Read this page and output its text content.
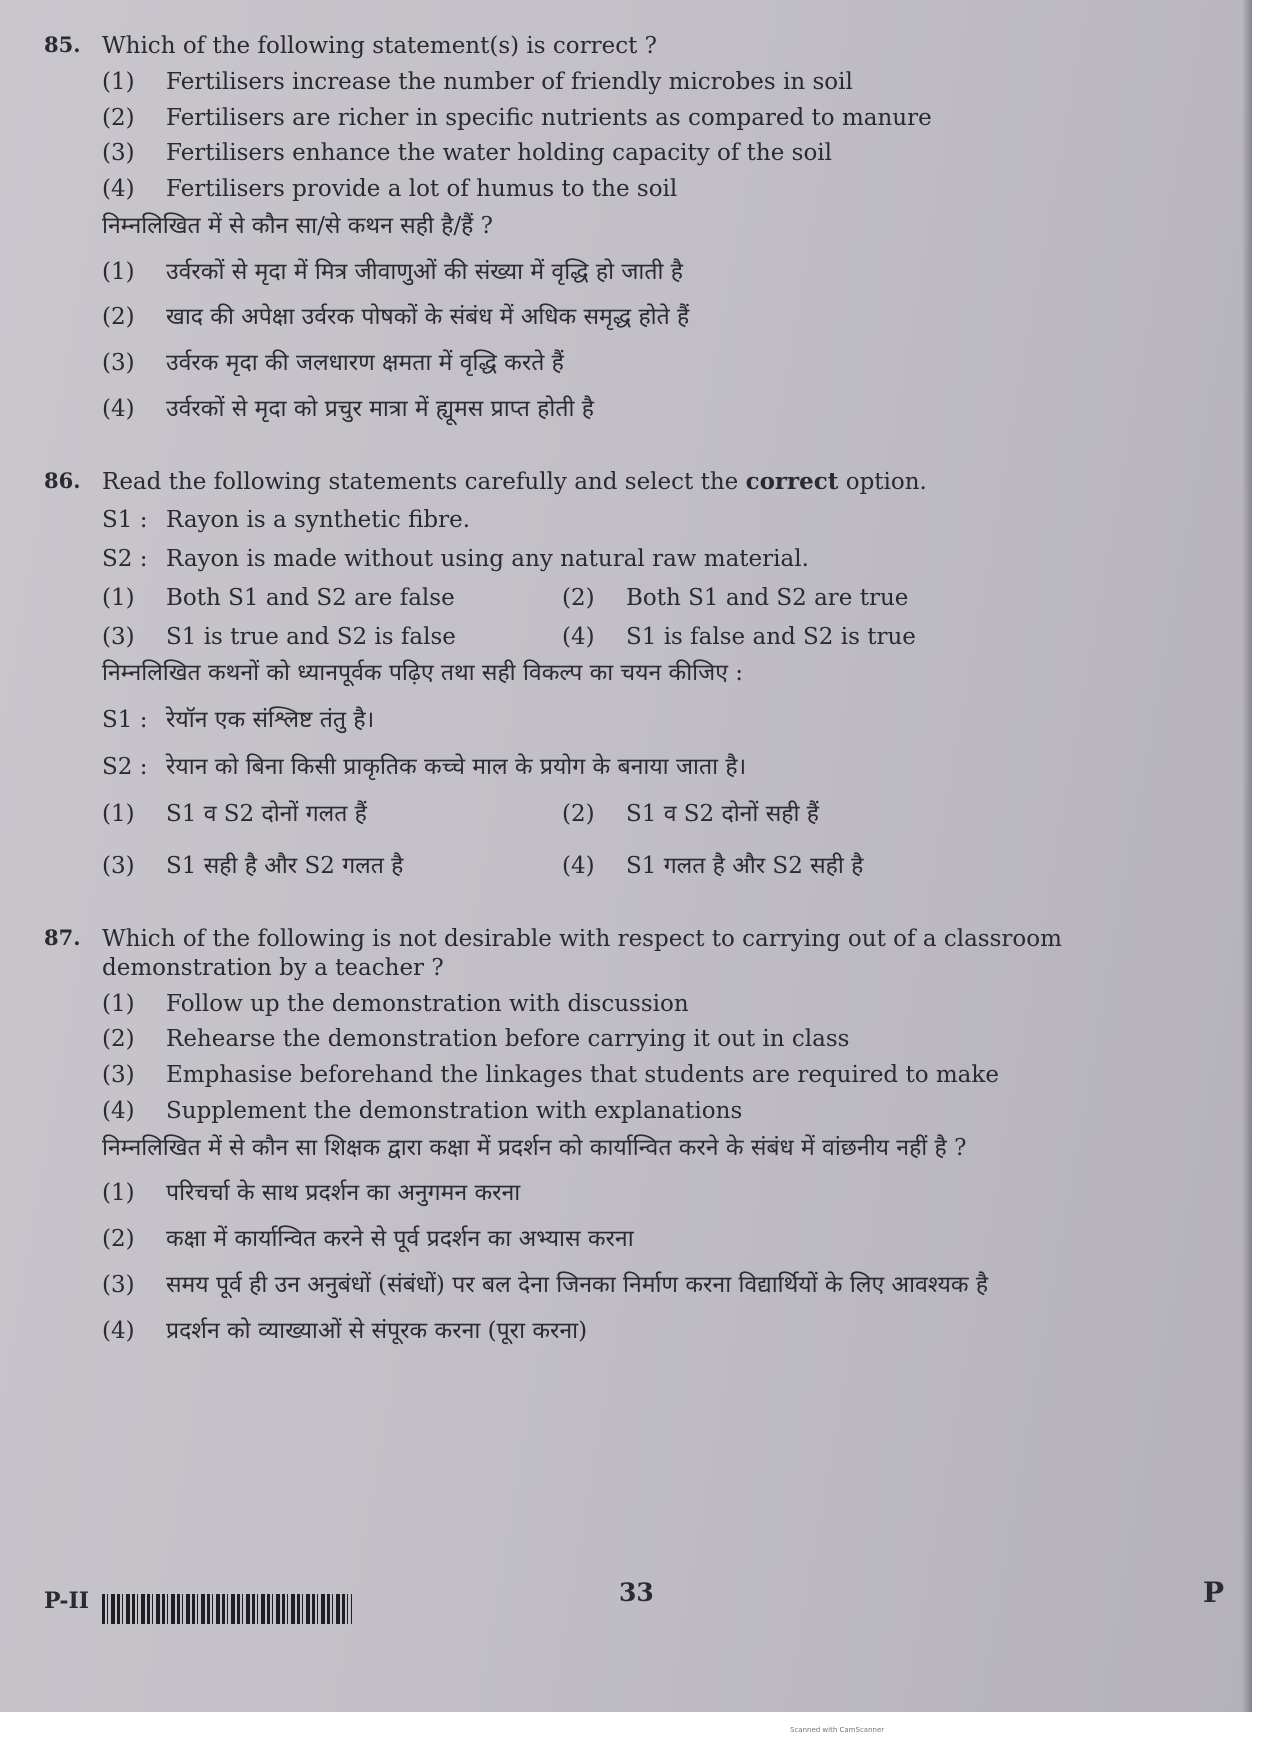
85. Which of the following statement(s) is correct ?
(1)	Fertilisers increase the number of friendly microbes in soil
(2)	Fertilisers are richer in specific nutrients as compared to manure
(3)	Fertilisers enhance the water holding capacity of the soil
(4)	Fertilisers provide a lot of humus to the soil
निम्नलिखित में से कौन सा/से कथन सही है/हैं ?
(1)	उर्वरकों से मृदा में मित्र जीवाणुओं की संख्या में वृद्धि हो जाती है
(2)	खाद की अपेक्षा उर्वरक पोषकों के संबंध में अधिक समृद्ध होते हैं
(3)	उर्वरक मृदा की जलधारण क्षमता में वृद्धि करते हैं
(4)	उर्वरकों से मृदा को प्रचुर मात्रा में ह्यूमस प्राप्त होती है
86. Read the following statements carefully and select the correct option.
S1 : Rayon is a synthetic fibre.
S2 : Rayon is made without using any natural raw material.
(1)	Both S1 and S2 are false	(2)	Both S1 and S2 are true
(3)	S1 is true and S2 is false	(4)	S1 is false and S2 is true
निम्नलिखित कथनों को ध्यानपूर्वक पढ़िए तथा सही विकल्प का चयन कीजिए :
S1 : रेयॉन एक संश्लिष्ट तंतु है।
S2 : रेयान को बिना किसी प्राकृतिक कच्चे माल के प्रयोग के बनाया जाता है।
(1)	S1 व S2 दोनों गलत हैं	(2)	S1 व S2 दोनों सही हैं
(3)	S1 सही है और S2 गलत है	(4)	S1 गलत है और S2 सही है
87. Which of the following is not desirable with respect to carrying out of a classroom demonstration by a teacher ?
(1)	Follow up the demonstration with discussion
(2)	Rehearse the demonstration before carrying it out in class
(3)	Emphasise beforehand the linkages that students are required to make
(4)	Supplement the demonstration with explanations
निम्नलिखित में से कौन सा शिक्षक द्वारा कक्षा में प्रदर्शन को कार्यान्वित करने के संबंध में वांछनीय नहीं है ?
(1)	परिचर्चा के साथ प्रदर्शन का अनुगमन करना
(2)	कक्षा में कार्यान्वित करने से पूर्व प्रदर्शन का अभ्यास करना
(3)	समय पूर्व ही उन अनुबंधों (संबंधों) पर बल देना जिनका निर्माण करना विद्यार्थियों के लिए आवश्यक है
(4)	प्रदर्शन को व्याख्याओं से संपूरक करना (पूरा करना)
P-II	33	P
Scanned with CamScanner
